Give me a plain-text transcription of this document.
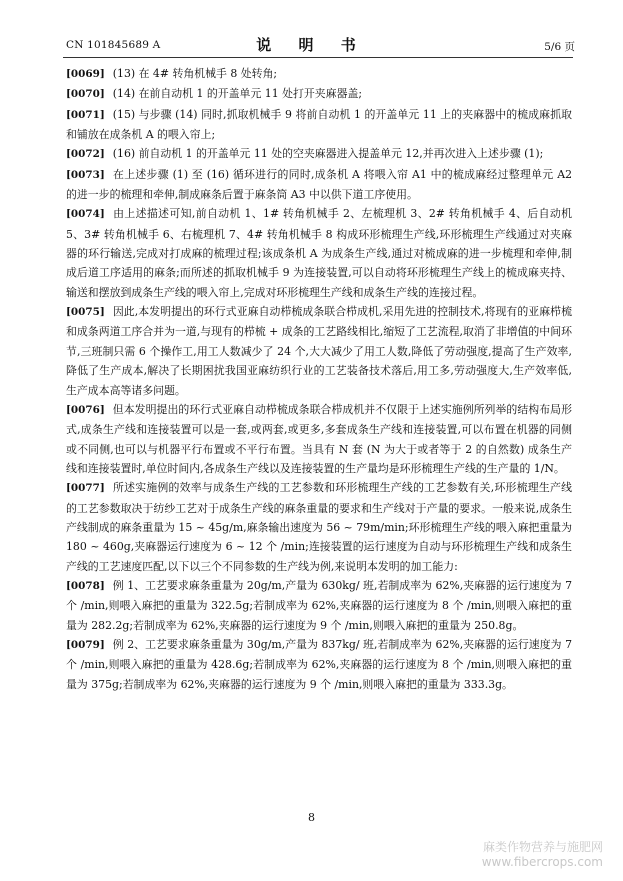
CN 101845689 A	说 明 书	5/6 页

[0069] (13) 在 4# 转角机械手 8 处转角;

[0070] (14) 在前自动机 1 的开盖单元 11 处打开夹麻器盖;

[0071] (15) 与步骤 (14) 同时,抓取机械手 9 将前自动机 1 的开盖单元 11 上的夹麻器中的梳成麻抓取和铺放在成条机 A 的喂入帘上;

[0072] (16) 前自动机 1 的开盖单元 11 处的空夹麻器进入提盖单元 12,并再次进入上述步骤 (1);

[0073] 在上述步骤 (1) 至 (16) 循环进行的同时,成条机 A 将喂入帘 A1 中的梳成麻经过整理单元 A2 的进一步的梳理和牵伸,制成麻条后置于麻条筒 A3 中以供下道工序使用。

[0074] 由上述描述可知,前自动机 1、1# 转角机械手 2、左梳理机 3、2# 转角机械手 4、后自动机 5、3# 转角机械手 6、右梳理机 7、4# 转角机械手 8 构成环形梳理生产线,环形梳理生产线通过对夹麻器的环行输送,完成对打成麻的梳理过程;该成条机 A 为成条生产线,通过对梳成麻的进一步梳理和牵伸,制成后道工序适用的麻条;而所述的抓取机械手 9 为连接装置,可以自动将环形梳理生产线上的梳成麻夹持、输送和摆放到成条生产线的喂入帘上,完成对环形梳理生产线和成条生产线的连接过程。

[0075] 因此,本发明提出的环行式亚麻自动栉梳成条联合栉成机,采用先进的控制技术,将现有的亚麻栉梳和成条两道工序合并为一道,与现有的栉梳 + 成条的工艺路线相比,缩短了工艺流程,取消了非增值的中间环节,三班制只需 6 个操作工,用工人数减少了 24 个,大大减少了用工人数,降低了劳动强度,提高了生产效率,降低了生产成本,解决了长期困扰我国亚麻纺织行业的工艺装备技术落后,用工多,劳动强度大,生产效率低,生产成本高等诸多问题。

[0076] 但本发明提出的环行式亚麻自动栉梳成条联合栉成机并不仅限于上述实施例所列举的结构布局形式,成条生产线和连接装置可以是一套,或两套,或更多,多套成条生产线和连接装置,可以布置在机器的同侧或不同侧,也可以与机器平行布置或不平行布置。当具有 N 套 (N 为大于或者等于 2 的自然数) 成条生产线和连接装置时,单位时间内,各成条生产线以及连接装置的生产量均是环形梳理生产线的生产量的 1/N。

[0077] 所述实施例的效率与成条生产线的工艺参数和环形梳理生产线的工艺参数有关,环形梳理生产线的工艺参数取决于纺纱工艺对于成条生产线的麻条重量的要求和生产线对于产量的要求。一般来说,成条生产线制成的麻条重量为 15 ~ 45g/m,麻条输出速度为 56 ~ 79m/min;环形梳理生产线的喂入麻把重量为 180 ~ 460g,夹麻器运行速度为 6 ~ 12 个 /min;连接装置的运行速度为自动与环形梳理生产线和成条生产线的工艺速度匹配,以下以三个不同参数的生产线为例,来说明本发明的加工能力:

[0078] 例 1、工艺要求麻条重量为 20g/m,产量为 630kg/ 班,若制成率为 62%,夹麻器的运行速度为 7 个 /min,则喂入麻把的重量为 322.5g;若制成率为 62%,夹麻器的运行速度为 8 个 /min,则喂入麻把的重量为 282.2g;若制成率为 62%,夹麻器的运行速度为 9 个 /min,则喂入麻把的重量为 250.8g。

[0079] 例 2、工艺要求麻条重量为 30g/m,产量为 837kg/ 班,若制成率为 62%,夹麻器的运行速度为 7 个 /min,则喂入麻把的重量为 428.6g;若制成率为 62%,夹麻器的运行速度为 8 个 /min,则喂入麻把的重量为 375g;若制成率为 62%,夹麻器的运行速度为 9 个 /min,则喂入麻把的重量为 333.3g。

8
麻类作物营养与施肥网
www.fibercrops.com
